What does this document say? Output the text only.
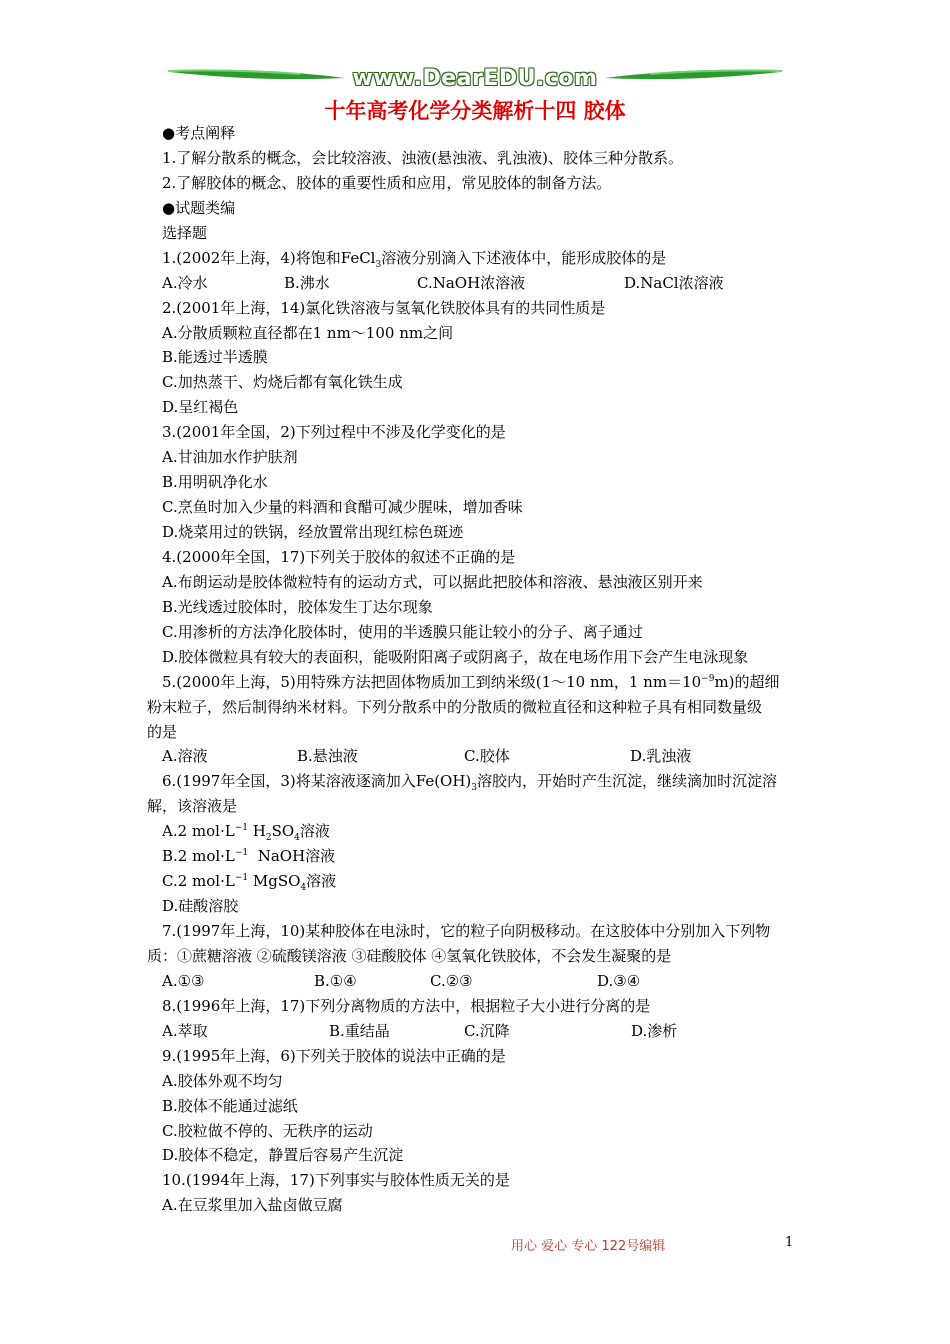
www.DearEDU.com
十年高考化学分类解析十四 胶体
●考点阐释
1.了解分散系的概念，会比较溶液、浊液(悬浊液、乳浊液)、胶体三种分散系。
2.了解胶体的概念、胶体的重要性质和应用，常见胶体的制备方法。
●试题类编
选择题
1.(2002年上海，4)将饱和FeCl$_3$溶液分别滴入下述液体中，能形成胶体的是
A.冷水	B.沸水	C.NaOH浓溶液	D.NaCl浓溶液
2.(2001年上海，14)氯化铁溶液与氢氧化铁胶体具有的共同性质是
A.分散质颗粒直径都在1 nm～100 nm之间
B.能透过半透膜
C.加热蒸干、灼烧后都有氧化铁生成
D.呈红褐色
3.(2001年全国，2)下列过程中不涉及化学变化的是
A.甘油加水作护肤剂
B.用明矾净化水
C.烹鱼时加入少量的料酒和食醋可减少腥味，增加香味
D.烧菜用过的铁锅，经放置常出现红棕色斑迹
4.(2000年全国，17)下列关于胶体的叙述不正确的是
A.布朗运动是胶体微粒特有的运动方式，可以据此把胶体和溶液、悬浊液区别开来
B.光线透过胶体时，胶体发生丁达尔现象
C.用渗析的方法净化胶体时，使用的半透膜只能让较小的分子、离子通过
D.胶体微粒具有较大的表面积，能吸附阳离子或阴离子，故在电场作用下会产生电泳现象
5.(2000年上海，5)用特殊方法把固体物质加工到纳米级(1～10 nm，1 $nm=10^{-9}m$)的超细
粉末粒子，然后制得纳米材料。下列分散系中的分散质的微粒直径和这种粒子具有相同数量级
的是
A.溶液	B.悬浊液	C.胶体	D.乳浊液
6.(1997年全国，3)将某溶液逐滴加入$Fe(OH)_3$溶胶内，开始时产生沉淀，继续滴加时沉淀溶
解，该溶液是
A.2 $mol\cdot L^{-1}$ $H_2SO_4$溶液
B.2 $mol\cdot L^{-1}$  NaOH溶液
C.2 $mol\cdot L^{-1}$ MgSO$_4$溶液
D.硅酸溶胶
7.(1997年上海，10)某种胶体在电泳时，它的粒子向阴极移动。在这胶体中分别加入下列物
质：①蔗糖溶液 ②硫酸镁溶液 ③硅酸胶体 ④氢氧化铁胶体，不会发生凝聚的是
A.①③	B.①④	C.②③	D.③④
8.(1996年上海，17)下列分离物质的方法中，根据粒子大小进行分离的是
A.萃取	B.重结晶	C.沉降	D.渗析
9.(1995年上海，6)下列关于胶体的说法中正确的是
A.胶体外观不均匀
B.胶体不能通过滤纸
C.胶粒做不停的、无秩序的运动
D.胶体不稳定，静置后容易产生沉淀
10.(1994年上海，17)下列事实与胶体性质无关的是
A.在豆浆里加入盐卤做豆腐
用心 爱心 专心 122号编辑	1
